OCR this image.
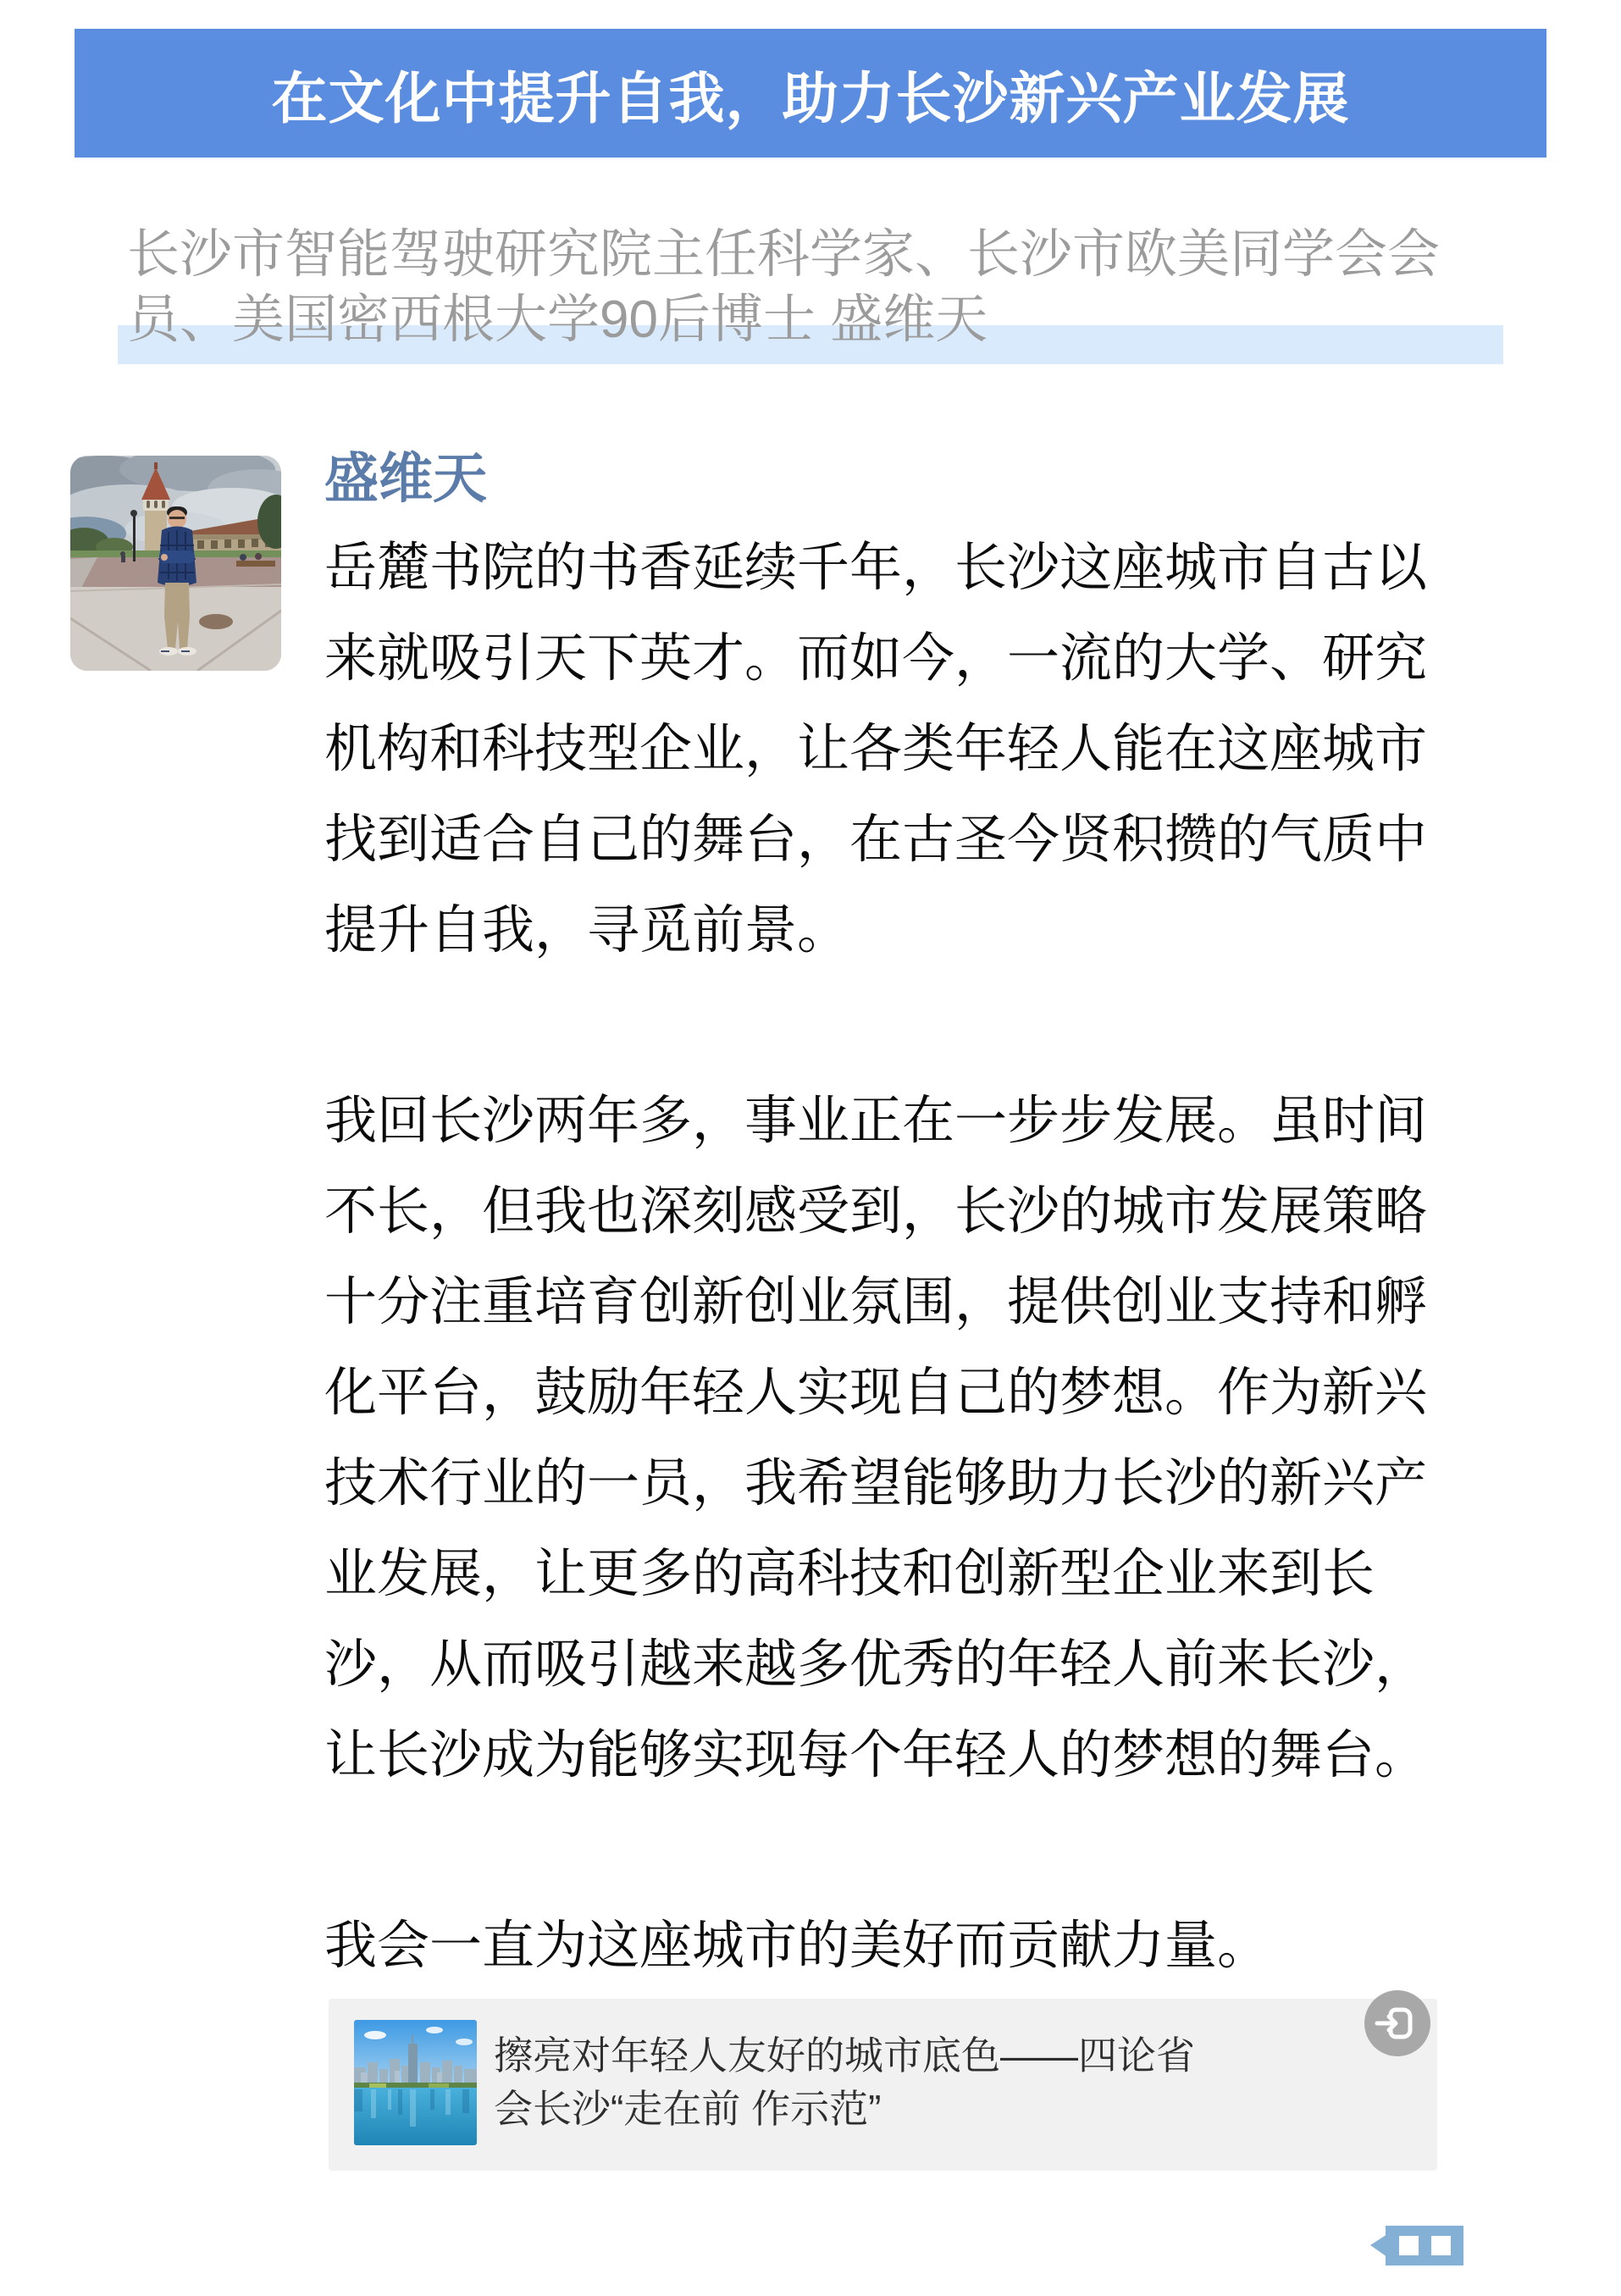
在文化中提升自我，助力长沙新兴产业发展

长沙市智能驾驶研究院主任科学家、长沙市欧美同学会会员、美国密西根大学90后博士 盛维天

盛维天

岳麓书院的书香延续千年，长沙这座城市自古以来就吸引天下英才。而如今，一流的大学、研究机构和科技型企业，让各类年轻人能在这座城市找到适合自己的舞台，在古圣今贤积攒的气质中提升自我，寻觅前景。

我回长沙两年多，事业正在一步步发展。虽时间不长，但我也深刻感受到，长沙的城市发展策略十分注重培育创新创业氛围，提供创业支持和孵化平台，鼓励年轻人实现自己的梦想。作为新兴技术行业的一员，我希望能够助力长沙的新兴产业发展，让更多的高科技和创新型企业来到长沙，从而吸引越来越多优秀的年轻人前来长沙，让长沙成为能够实现每个年轻人的梦想的舞台。

我会一直为这座城市的美好而贡献力量。

擦亮对年轻人友好的城市底色——四论省会长沙“走在前 作示范”
